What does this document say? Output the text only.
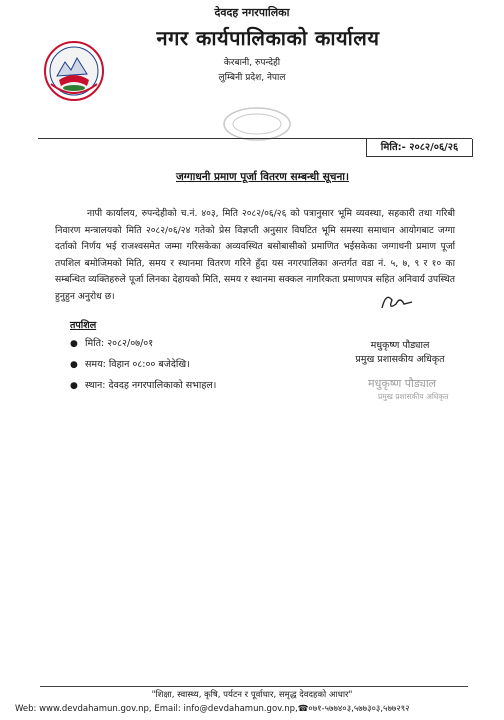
देवदह नगरपालिका
नगर कार्यपालिकाको कार्यालय
केरबानी, रुपन्देही
लुम्बिनी प्रदेश, नेपाल
मिति:- २०८२/०६/२६
जग्गाधनी प्रमाण पूर्जा वितरण सम्बन्धी सूचना।
नापी कार्यालय, रुपन्देहीको च.नं. ४०३, मिति २०८२/०६/२६ को पत्रानुसार भूमि व्यवस्था, सहकारी तथा गरिबी निवारण मन्त्रालयको मिति २०८२/०६/२४ गतेको प्रेस विज्ञप्ती अनुसार विघटित भूमि समस्या समाधान आयोगबाट जग्गा दर्ताको निर्णय भई राजश्वसमेत जम्मा गरिसकेका अव्यवस्थित बसोबासीको प्रमाणित भईसकेका जग्गाधनी प्रमाण पूर्जा तपशिल बमोजिमको मिति, समय र स्थानमा वितरण गरिने हुँदा यस नगरपालिका अन्तर्गत वडा नं. ५, ७, ९ र १० का सम्बन्धित व्यक्तिहरुले पूर्जा लिनका देहायको मिति, समय र स्थानमा सक्कल नागरिकता प्रमाणपत्र सहित अनिवार्य उपस्थित हुनुहुन अनुरोध छ।
मधुकृष्ण पौड्याल
प्रमुख प्रशासकीय अधिकृत
मधुकृष्ण पौड्याल
प्रमुख प्रशासकीय अधिकृत
तपशिल
● मिति: २०८२/०७/०१
● समय: विहान ०८:०० बजेदेखि।
● स्थान: देवदह नगरपालिकाको सभाहल।
"शिक्षा, स्वास्थ्य, कृषि, पर्यटन र पूर्वाधार, समृद्ध देवदहको आधार"
Web: www.devdahamun.gov.np, Email: info@devdahamun.gov.np,☎०७१-५७७४०३,५७७३०३,५७७२९२
